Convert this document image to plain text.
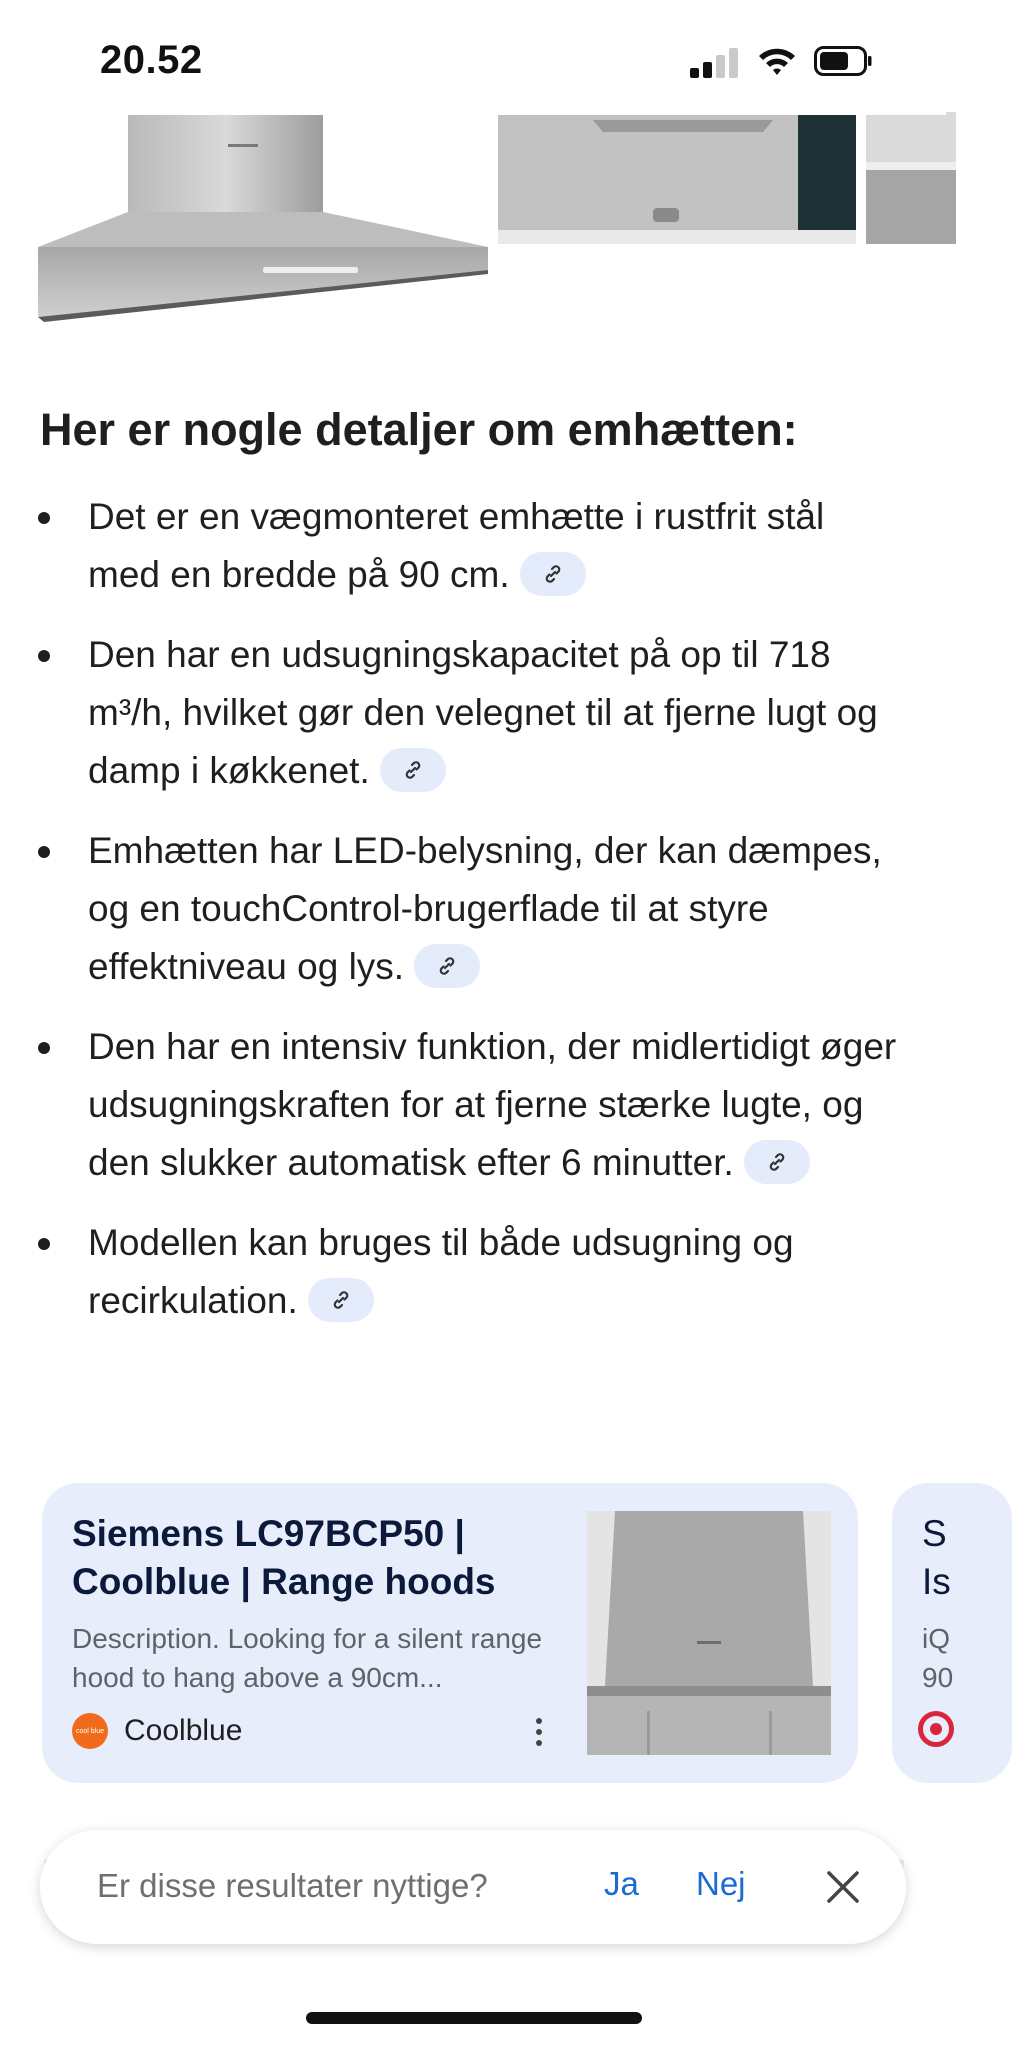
20.52
Her er nogle detaljer om emhætten:
Det er en vægmonteret emhætte i rustfrit stål med en bredde på 90 cm.
Den har en udsugningskapacitet på op til 718 m³/h, hvilket gør den velegnet til at fjerne lugt og damp i køkkenet.
Emhætten har LED-belysning, der kan dæmpes, og en touchControl-brugerflade til at styre effektniveau og lys.
Den har en intensiv funktion, der midlertidigt øger udsugningskraften for at fjerne stærke lugte, og den slukker automatisk efter 6 minutter.
Modellen kan bruges til både udsugning og recirkulation.
Siemens LC97BCP50 | Coolblue | Range hoods

Description. Looking for a silent range hood to hang above a 90cm...

cool blue Coolblue
S
Is
iQ
90
Er disse resultater nyttige?	Ja Nej
